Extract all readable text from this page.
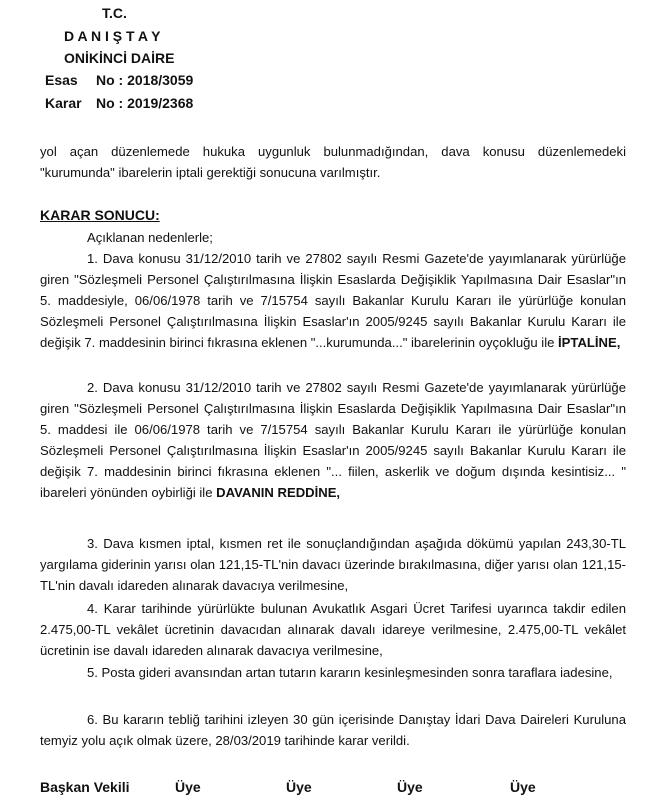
T.C.
D A N I Ş T A Y
ONİKİNCİ DAİRE
Esas No : 2018/3059
Karar No : 2019/2368
yol açan düzenlemede hukuka uygunluk bulunmadığından, dava konusu düzenlemedeki "kurumunda" ibarelerin iptali gerektiği sonucuna varılmıştır.
KARAR SONUCU:
Açıklanan nedenlerle;
1. Dava konusu 31/12/2010 tarih ve 27802 sayılı Resmi Gazete'de yayımlanarak yürürlüğe giren "Sözleşmeli Personel Çalıştırılmasına İlişkin Esaslarda Değişiklik Yapılmasına Dair Esaslar"ın 5. maddesiyle, 06/06/1978 tarih ve 7/15754 sayılı Bakanlar Kurulu Kararı ile yürürlüğe konulan Sözleşmeli Personel Çalıştırılmasına İlişkin Esaslar'ın 2005/9245 sayılı Bakanlar Kurulu Kararı ile değişik 7. maddesinin birinci fıkrasına eklenen "...kurumunda..." ibarelerinin oyçokluğu ile İPTALİNE,
2. Dava konusu 31/12/2010 tarih ve 27802 sayılı Resmi Gazete'de yayımlanarak yürürlüğe giren "Sözleşmeli Personel Çalıştırılmasına İlişkin Esaslarda Değişiklik Yapılmasına Dair Esaslar"ın 5. maddesi ile 06/06/1978 tarih ve 7/15754 sayılı Bakanlar Kurulu Kararı ile yürürlüğe konulan Sözleşmeli Personel Çalıştırılmasına İlişkin Esaslar'ın 2005/9245 sayılı Bakanlar Kurulu Kararı ile değişik 7. maddesinin birinci fıkrasına eklenen "... fiilen, askerlik ve doğum dışında kesintisiz... " ibareleri yönünden oybirliği ile DAVANIN REDDİNE,
3. Dava kısmen iptal, kısmen ret ile sonuçlandığından aşağıda dökümü yapılan 243,30-TL yargılama giderinin yarısı olan 121,15-TL'nin davacı üzerinde bırakılmasına, diğer yarısı olan 121,15-TL'nin davalı idareden alınarak davacıya verilmesine,
4. Karar tarihinde yürürlükte bulunan Avukatlık Asgari Ücret Tarifesi uyarınca takdir edilen 2.475,00-TL vekâlet ücretinin davacıdan alınarak davalı idareye verilmesine, 2.475,00-TL vekâlet ücretinin ise davalı idareden alınarak davacıya verilmesine,
5. Posta gideri avansından artan tutarın kararın kesinleşmesinden sonra taraflara iadesine,
6. Bu kararın tebliğ tarihini izleyen 30 gün içerisinde Danıştay İdari Dava Daireleri Kuruluna temyiz yolu açık olmak üzere, 28/03/2019 tarihinde karar verildi.
Başkan Vekili	Üye	Üye	Üye	Üye
